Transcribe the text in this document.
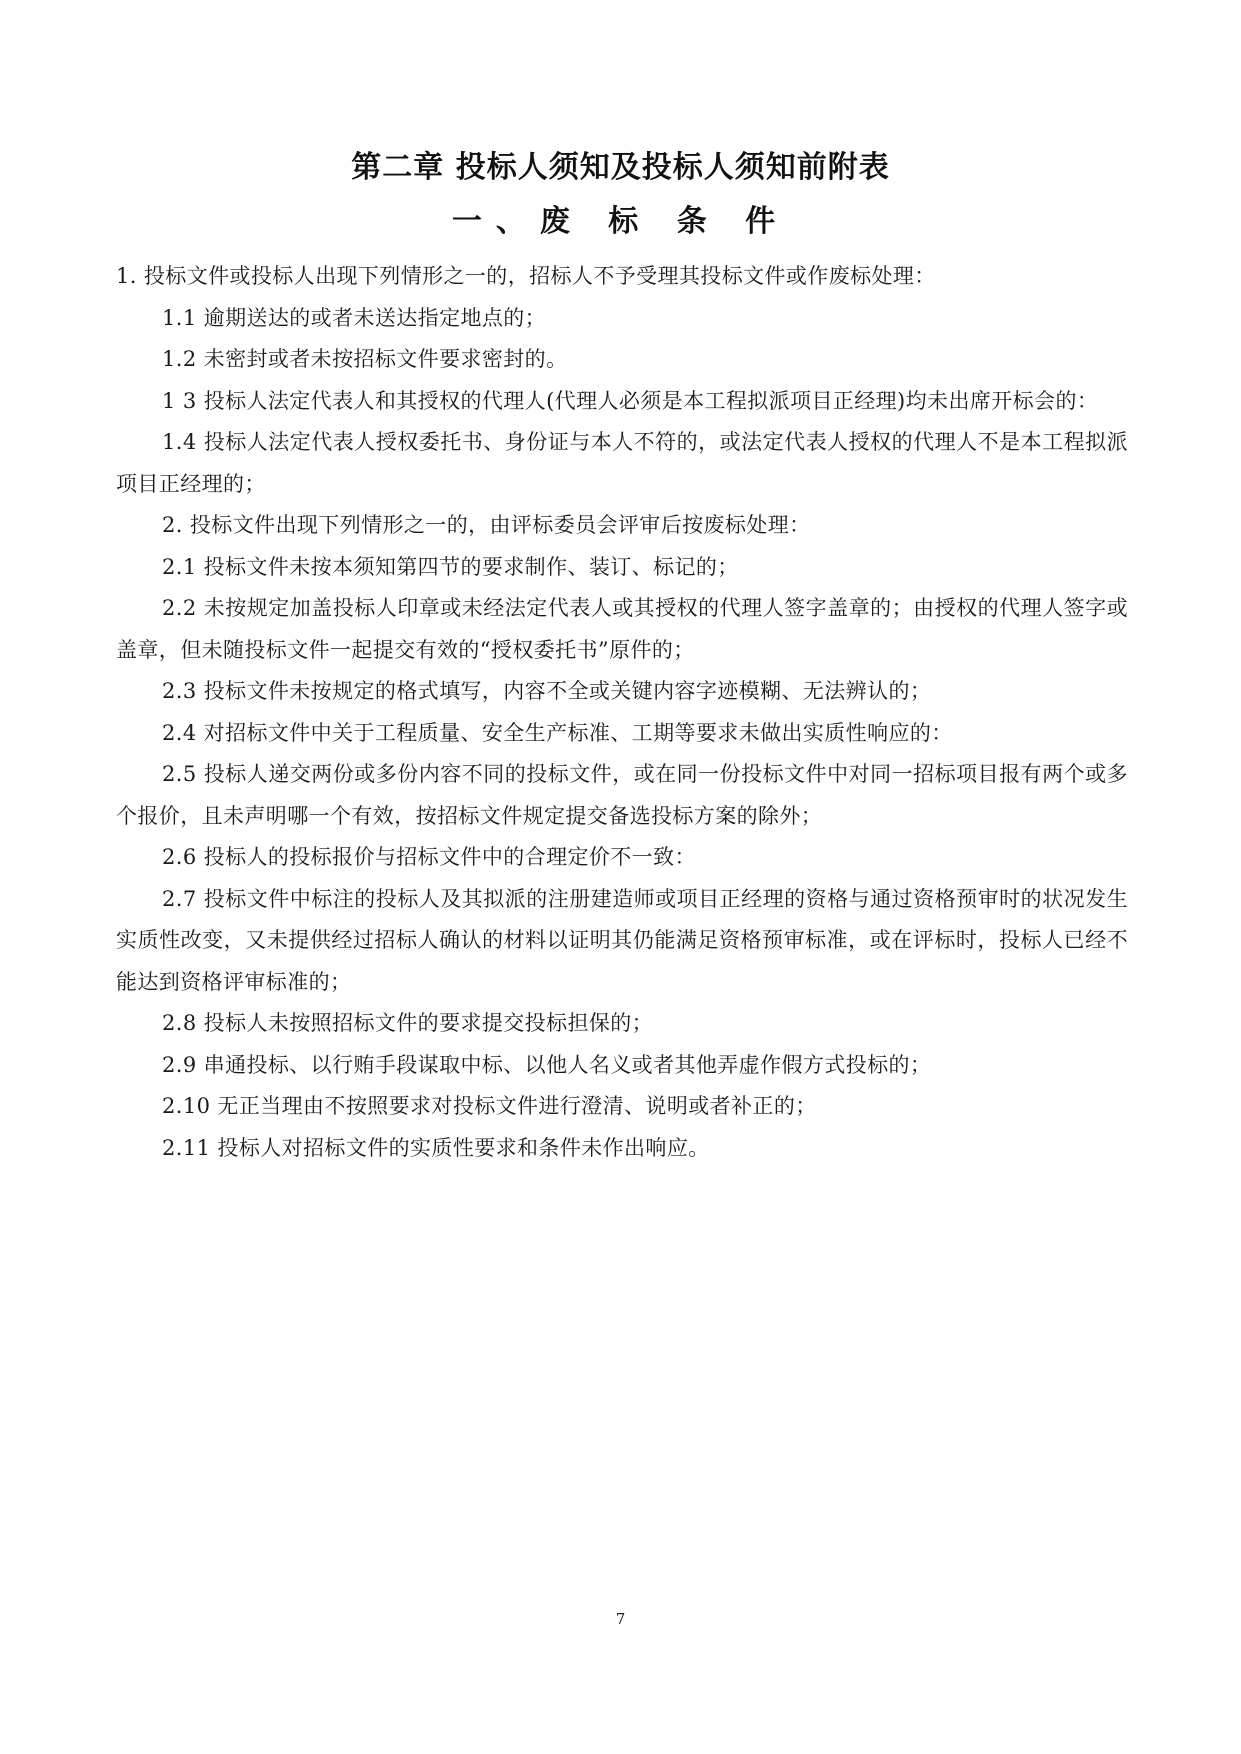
第二章 投标人须知及投标人须知前附表
一、废 标 条 件

1. 投标文件或投标人出现下列情形之一的，招标人不予受理其投标文件或作废标处理：

1.1 逾期送达的或者未送达指定地点的；

1.2 未密封或者未按招标文件要求密封的。

1 3 投标人法定代表人和其授权的代理人(代理人必须是本工程拟派项目正经理)均未出席开标会的：

1.4 投标人法定代表人授权委托书、身份证与本人不符的，或法定代表人授权的代理人不是本工程拟派项目正经理的；

2. 投标文件出现下列情形之一的，由评标委员会评审后按废标处理：

2.1 投标文件未按本须知第四节的要求制作、装订、标记的；

2.2 未按规定加盖投标人印章或未经法定代表人或其授权的代理人签字盖章的；由授权的代理人签字或盖章，但未随投标文件一起提交有效的“授权委托书”原件的；

2.3 投标文件未按规定的格式填写，内容不全或关键内容字迹模糊、无法辨认的；

2.4 对招标文件中关于工程质量、安全生产标准、工期等要求未做出实质性响应的：

2.5 投标人递交两份或多份内容不同的投标文件，或在同一份投标文件中对同一招标项目报有两个或多个报价，且未声明哪一个有效，按招标文件规定提交备选投标方案的除外；

2.6 投标人的投标报价与招标文件中的合理定价不一致：

2.7 投标文件中标注的投标人及其拟派的注册建造师或项目正经理的资格与通过资格预审时的状况发生实质性改变，又未提供经过招标人确认的材料以证明其仍能满足资格预审标准，或在评标时，投标人已经不能达到资格评审标准的；

2.8 投标人未按照招标文件的要求提交投标担保的；

2.9 串通投标、以行贿手段谋取中标、以他人名义或者其他弄虚作假方式投标的；

2.10 无正当理由不按照要求对投标文件进行澄清、说明或者补正的；

2.11 投标人对招标文件的实质性要求和条件未作出响应。

7
